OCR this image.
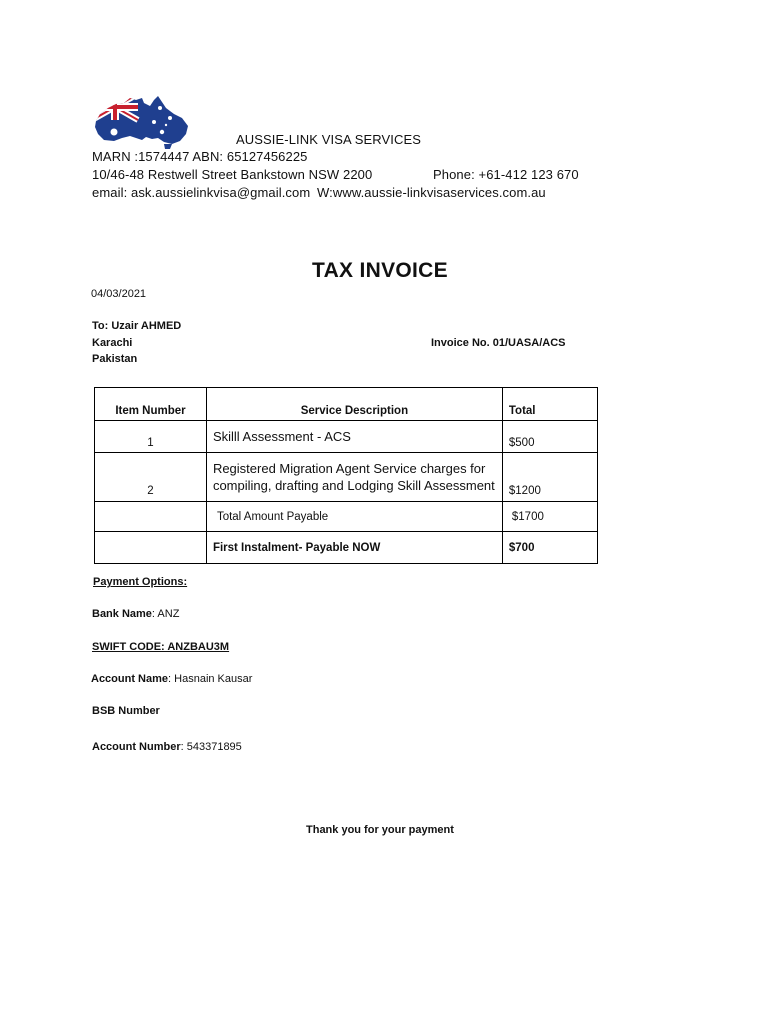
AUSSIE-LINK VISA SERVICES
MARN :1574447 ABN: 65127456225
10/46-48 Restwell Street Bankstown NSW 2200	Phone: +61-412 123 670
email: ask.aussielinkvisa@gmail.com W:www.aussie-linkvisaservices.com.au
TAX INVOICE
04/03/2021
To: Uzair AHMED
Karachi
Pakistan
Invoice No. 01/UASA/ACS
Item Number	Service Description	Total
1	Skilll Assessment - ACS	$500
2	Registered Migration Agent Service charges for
compiling, drafting and Lodging Skill Assessment	$1200
	Total Amount Payable	$1700
	First Instalment- Payable NOW	$700
Payment Options:
Bank Name: ANZ
SWIFT CODE: ANZBAU3M
Account Name: Hasnain Kausar
BSB Number
Account Number: 543371895
Thank you for your payment
